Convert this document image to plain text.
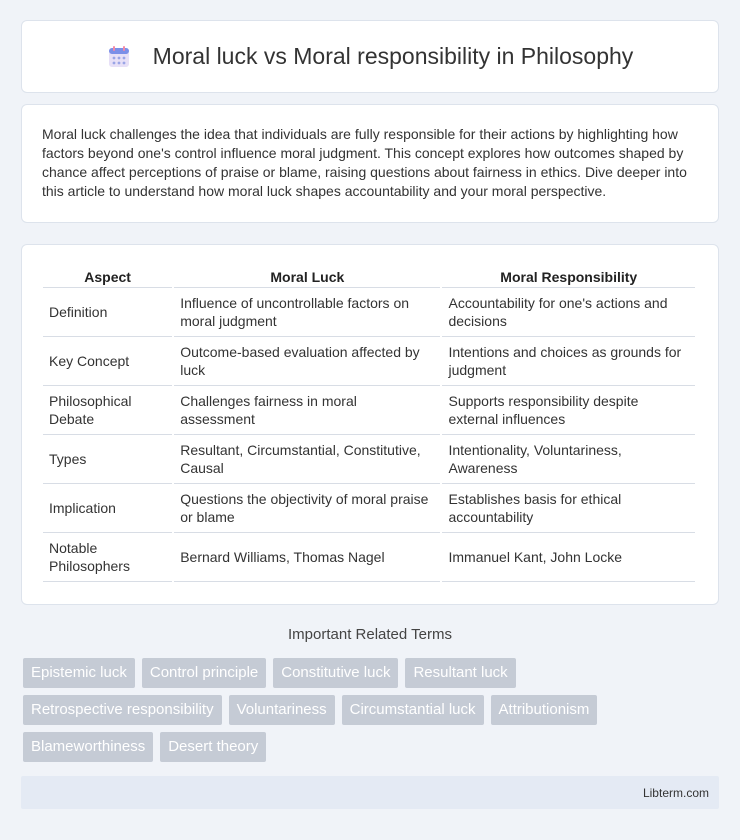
Moral luck vs Moral responsibility in Philosophy

Moral luck challenges the idea that individuals are fully responsible for their actions by highlighting how factors beyond one's control influence moral judgment. This concept explores how outcomes shaped by chance affect perceptions of praise or blame, raising questions about fairness in ethics. Dive deeper into this article to understand how moral luck shapes accountability and your moral perspective.

Aspect	Moral Luck	Moral Responsibility
Definition	Influence of uncontrollable factors on moral judgment	Accountability for one's actions and decisions
Key Concept	Outcome-based evaluation affected by luck	Intentions and choices as grounds for judgment
Philosophical Debate	Challenges fairness in moral assessment	Supports responsibility despite external influences
Types	Resultant, Circumstantial, Constitutive, Causal	Intentionality, Voluntariness, Awareness
Implication	Questions the objectivity of moral praise or blame	Establishes basis for ethical accountability
Notable Philosophers	Bernard Williams, Thomas Nagel	Immanuel Kant, John Locke
Important Related Terms
Epistemic luck	Control principle	Constitutive luck	Resultant luck
Retrospective responsibility	Voluntariness	Circumstantial luck	Attributionism
Blameworthiness	Desert theory
Libterm.com
